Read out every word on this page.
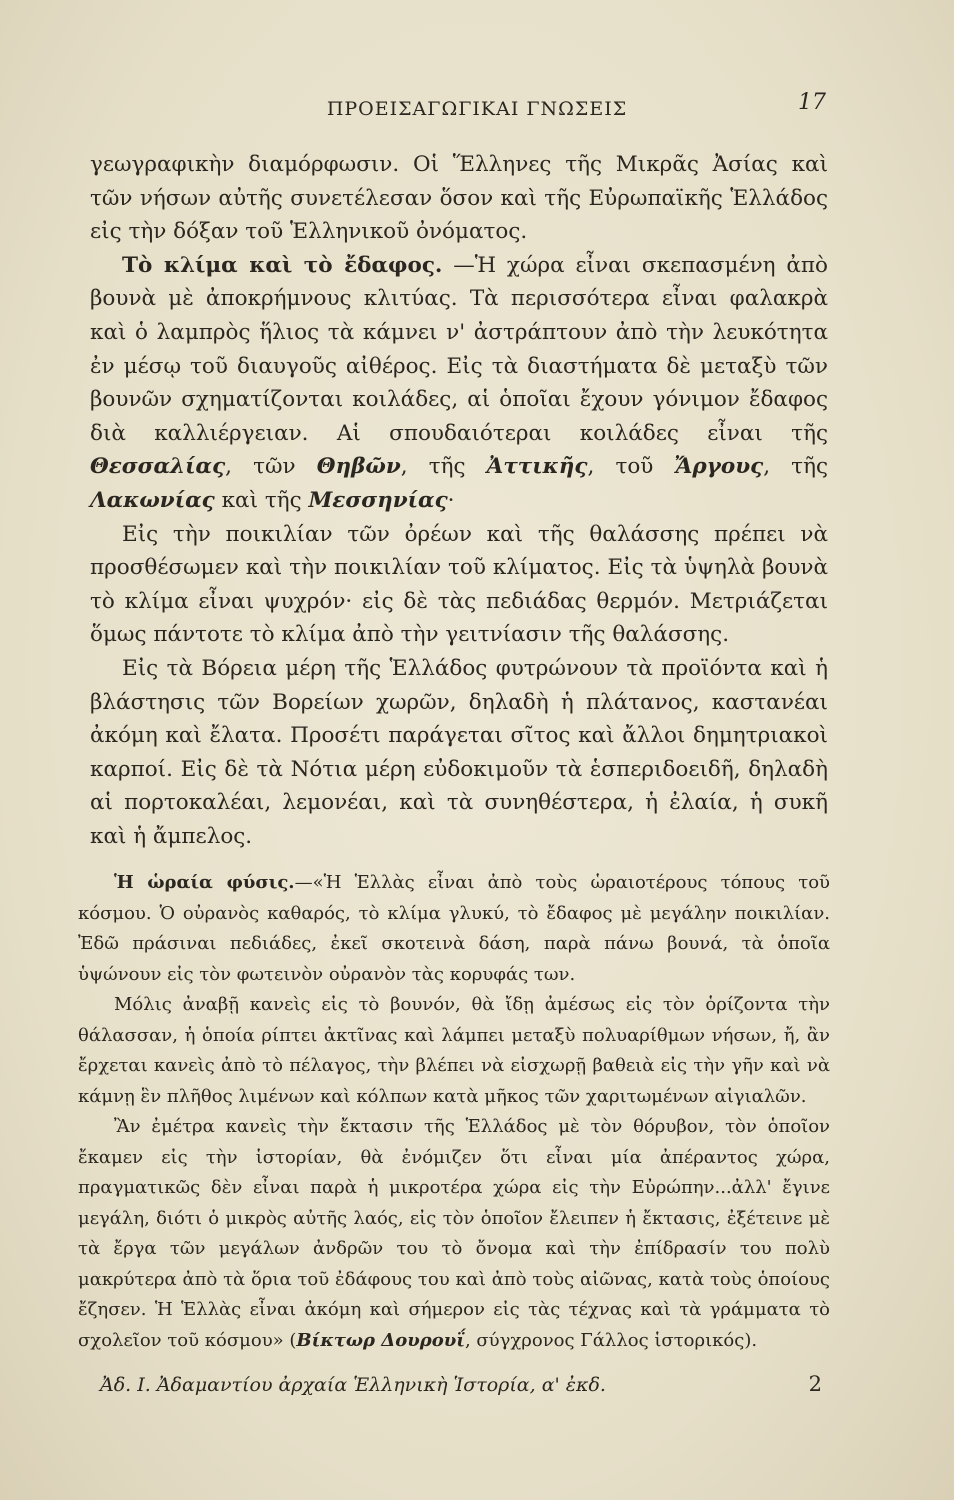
ΠΡΟΕΙΣΑΓΩΓΙΚΑΙ ΓΝΩΣΕΙΣ	17

γεωγραφικὴν διαμόρφωσιν. Οἱ Ἕλληνες τῆς Μικρᾶς Ἀσίας καὶ τῶν νήσων αὐτῆς συνετέλεσαν ὅσον καὶ τῆς Εὐρωπαϊκῆς Ἑλλάδος εἰς τὴν δόξαν τοῦ Ἑλληνικοῦ ὀνόματος.

Τὸ κλίμα καὶ τὸ ἔδαφος. —Ἡ χώρα εἶναι σκεπασμένη ἀπὸ βουνὰ μὲ ἀποκρήμνους κλιτύας. Τὰ περισσότερα εἶναι φαλακρὰ καὶ ὁ λαμπρὸς ἥλιος τὰ κάμνει ν' ἀστράπτουν ἀπὸ τὴν λευκότητα ἐν μέσῳ τοῦ διαυγοῦς αἰθέρος. Εἰς τὰ διαστήματα δὲ μεταξὺ τῶν βουνῶν σχηματίζονται κοιλάδες, αἱ ὁποῖαι ἔχουν γόνιμον ἔδαφος διὰ καλλιέργειαν. Αἱ σπουδαιότεραι κοιλάδες εἶναι τῆς Θεσσαλίας, τῶν Θηβῶν, τῆς Ἀττικῆς, τοῦ Ἄργους, τῆς Λακωνίας καὶ τῆς Μεσσηνίας·

Εἰς τὴν ποικιλίαν τῶν ὀρέων καὶ τῆς θαλάσσης πρέπει νὰ προσθέσωμεν καὶ τὴν ποικιλίαν τοῦ κλίματος. Εἰς τὰ ὑψηλὰ βουνὰ τὸ κλίμα εἶναι ψυχρόν· εἰς δὲ τὰς πεδιάδας θερμόν. Μετριάζεται ὅμως πάντοτε τὸ κλίμα ἀπὸ τὴν γειτνίασιν τῆς θαλάσσης.

Εἰς τὰ Βόρεια μέρη τῆς Ἑλλάδος φυτρώνουν τὰ προϊόντα καὶ ἡ βλάστησις τῶν Βορείων χωρῶν, δηλαδὴ ἡ πλάτανος, καστανέαι ἀκόμη καὶ ἔλατα. Προσέτι παράγεται σῖτος καὶ ἄλλοι δημητριακοὶ καρποί. Εἰς δὲ τὰ Νότια μέρη εὐδοκιμοῦν τὰ ἑσπεριδοειδῆ, δηλαδὴ αἱ πορτοκαλέαι, λεμονέαι, καὶ τὰ συνηθέστερα, ἡ ἐλαία, ἡ συκῆ καὶ ἡ ἄμπελος.

Ἡ ὡραία φύσις.—«Ἡ Ἑλλὰς εἶναι ἀπὸ τοὺς ὡραιοτέρους τόπους τοῦ κόσμου. Ὁ οὐρανὸς καθαρός, τὸ κλίμα γλυκύ, τὸ ἔδαφος μὲ μεγάλην ποικιλίαν. Ἐδῶ πράσιναι πεδιάδες, ἐκεῖ σκοτεινὰ δάση, παρὰ πάνω βουνά, τὰ ὁποῖα ὑψώνουν εἰς τὸν φωτεινὸν οὐρανὸν τὰς κορυφάς των.

Μόλις ἀναβῇ κανεὶς εἰς τὸ βουνόν, θὰ ἴδῃ ἀμέσως εἰς τὸν ὁρίζοντα τὴν θάλασσαν, ἡ ὁποία ρίπτει ἀκτῖνας καὶ λάμπει μεταξὺ πολυαρίθμων νήσων, ἤ, ἂν ἔρχεται κανεὶς ἀπὸ τὸ πέλαγος, τὴν βλέπει νὰ εἰσχωρῇ βαθειὰ εἰς τὴν γῆν καὶ νὰ κάμνῃ ἓν πλῆθος λιμένων καὶ κόλπων κατὰ μῆκος τῶν χαριτωμένων αἰγιαλῶν.

Ἂν ἐμέτρα κανεὶς τὴν ἔκτασιν τῆς Ἑλλάδος μὲ τὸν θόρυβον, τὸν ὁποῖον ἔκαμεν εἰς τὴν ἱστορίαν, θὰ ἐνόμιζεν ὅτι εἶναι μία ἀπέραντος χώρα, πραγματικῶς δὲν εἶναι παρὰ ἡ μικροτέρα χώρα εἰς τὴν Εὐρώπην...ἀλλ' ἔγινε μεγάλη, διότι ὁ μικρὸς αὐτῆς λαός, εἰς τὸν ὁποῖον ἔλειπεν ἡ ἔκτασις, ἐξέτεινε μὲ τὰ ἔργα τῶν μεγάλων ἀνδρῶν του τὸ ὄνομα καὶ τὴν ἐπίδρασίν του πολὺ μακρύτερα ἀπὸ τὰ ὅρια τοῦ ἐδάφους του καὶ ἀπὸ τοὺς αἰῶνας, κατὰ τοὺς ὁποίους ἔζησεν. Ἡ Ἑλλὰς εἶναι ἀκόμη καὶ σήμερον εἰς τὰς τέχνας καὶ τὰ γράμματα τὸ σχολεῖον τοῦ κόσμου» (Βίκτωρ Δουρουΐ, σύγχρονος Γάλλος ἱστορικός).

Ἀδ. Ι. Ἀδαμαντίου ἀρχαία Ἑλληνικὴ Ἱστορία, α' ἐκδ.	2
